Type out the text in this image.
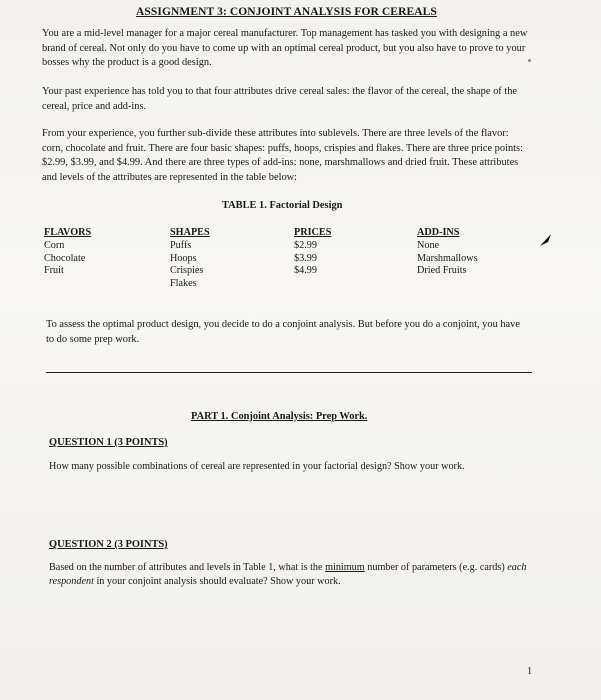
ASSIGNMENT 3: CONJOINT ANALYSIS FOR CEREALS
You are a mid-level manager for a major cereal manufacturer. Top management has tasked you with designing a new brand of cereal. Not only do you have to come up with an optimal cereal product, but you also have to prove to your bosses why the product is a good design.
Your past experience has told you to that four attributes drive cereal sales: the flavor of the cereal, the shape of the cereal, price and add-ins.
From your experience, you further sub-divide these attributes into sublevels. There are three levels of the flavor: corn, chocolate and fruit. There are four basic shapes: puffs, hoops, crispies and flakes. There are three price points: $2.99, $3.99, and $4.99. And there are three types of add-ins: none, marshmallows and dried fruit. These attributes and levels of the attributes are represented in the table below:
TABLE 1. Factorial Design
FLAVORS
Corn
Chocolate
Fruit
SHAPES
Puffs
Hoops
Crispies
Flakes
PRICES
$2.99
$3.99
$4.99
ADD-INS
None
Marshmallows
Dried Fruits
To assess the optimal product design, you decide to do a conjoint analysis. But before you do a conjoint, you have to do some prep work.
PART 1. Conjoint Analysis: Prep Work.
QUESTION 1 (3 POINTS)
How many possible combinations of cereal are represented in your factorial design? Show your work.
QUESTION 2 (3 POINTS)
Based on the number of attributes and levels in Table 1, what is the minimum number of parameters (e.g. cards) each respondent in your conjoint analysis should evaluate? Show your work.
1
